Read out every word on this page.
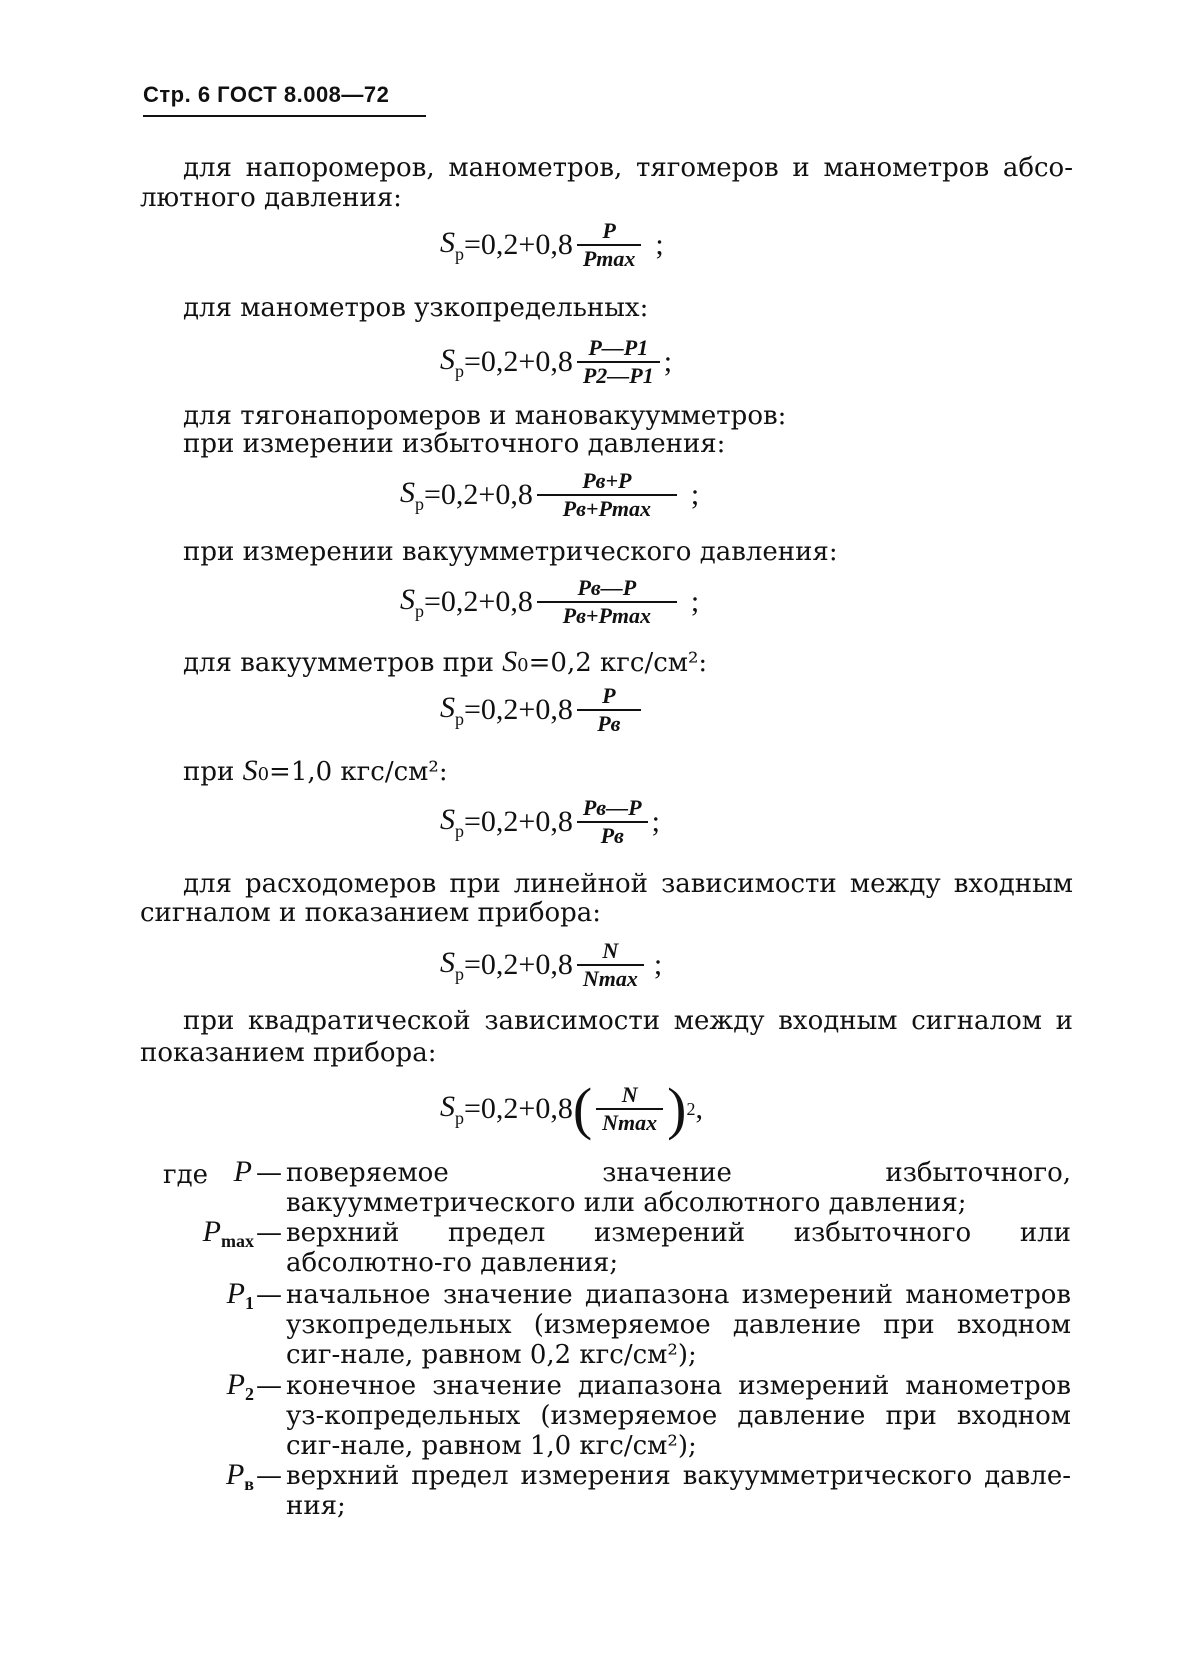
Стр. 6 ГОСТ 8.008—72
для напоромеров, манометров, тягомеров и манометров абсо-
лютного давления:
$S_p =0,2+0,8 \frac{P}{Pmax}$ ;
для манометров узкопредельных:
$S_p =0,2+0,8 \frac{P—P1}{P2—P1}$ ;
для тягонапоромеров и мановакуумметров:
при измерении избыточного давления:
$S_p =0,2+0,8 \frac{Pв+P}{Pв+Pmax}$ ;
при измерении вакуумметрического давления:
$S_p =0,2+0,8 \frac{Pв—P}{Pв+Pmax}$ ;
для вакуумметров при S0=0,2 кгс/см²:
$S_p =0,2+0,8 \frac{P}{Pв}$
при S0=1,0 кгс/см²:
$S_p =0,2+0,8 \frac{Pв—P}{Pв}$ ;
для расходомеров при линейной зависимости между входным
сигналом и показанием прибора:
$S_p =0,2+0,8 \frac{N}{Nmax}$ ;
при квадратической зависимости между входным сигналом и
показанием прибора:
$S_p =0,2+0,8$ ( $\frac{N}{Nmax}$ ) 2 ,
где P — поверяемое значение избыточного, вакуумметрического или абсолютного давления;
$P_{max}$ — верхний предел измерений избыточного или абсолютно-го давления;
$P_1$ — начальное значение диапазона измерений манометров узкопредельных (измеряемое давление при входном сиг-нале, равном 0,2 кгс/см²);
$P_2$ — конечное значение диапазона измерений манометров уз-копредельных (измеряемое давление при входном сиг-нале, равном 1,0 кгс/см²);
$P_в$ — верхний предел измерения вакуумметрического давле-ния;
